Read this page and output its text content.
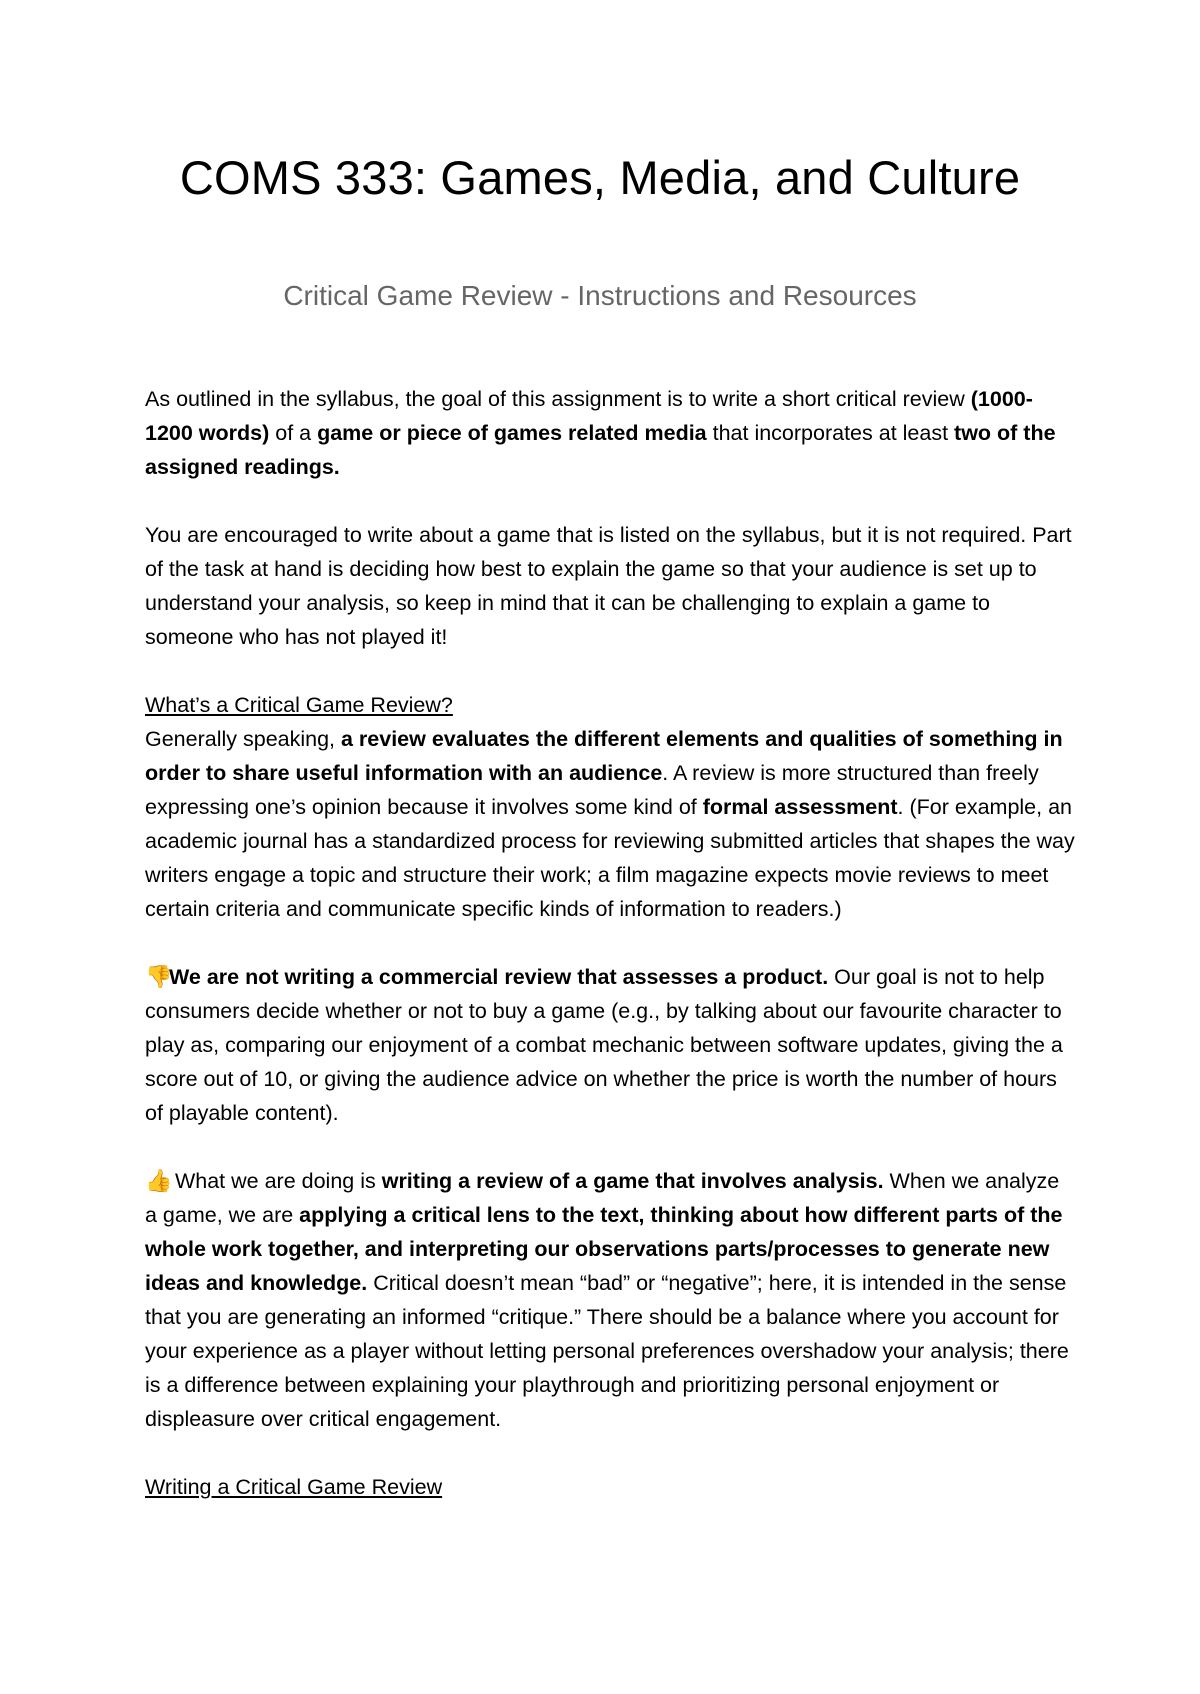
COMS 333: Games, Media, and Culture
Critical Game Review - Instructions and Resources

As outlined in the syllabus, the goal of this assignment is to write a short critical review (1000-1200 words) of a game or piece of games related media that incorporates at least two of the assigned readings.

You are encouraged to write about a game that is listed on the syllabus, but it is not required. Part of the task at hand is deciding how best to explain the game so that your audience is set up to understand your analysis, so keep in mind that it can be challenging to explain a game to someone who has not played it!

What’s a Critical Game Review?
Generally speaking, a review evaluates the different elements and qualities of something in order to share useful information with an audience. A review is more structured than freely expressing one’s opinion because it involves some kind of formal assessment. (For example, an academic journal has a standardized process for reviewing submitted articles that shapes the way writers engage a topic and structure their work; a film magazine expects movie reviews to meet certain criteria and communicate specific kinds of information to readers.)

👎We are not writing a commercial review that assesses a product. Our goal is not to help consumers decide whether or not to buy a game (e.g., by talking about our favourite character to play as, comparing our enjoyment of a combat mechanic between software updates, giving the a score out of 10, or giving the audience advice on whether the price is worth the number of hours of playable content).

👍 What we are doing is writing a review of a game that involves analysis. When we analyze a game, we are applying a critical lens to the text, thinking about how different parts of the whole work together, and interpreting our observations parts/processes to generate new ideas and knowledge. Critical doesn’t mean “bad” or “negative”; here, it is intended in the sense that you are generating an informed “critique.” There should be a balance where you account for your experience as a player without letting personal preferences overshadow your analysis; there is a difference between explaining your playthrough and prioritizing personal enjoyment or displeasure over critical engagement.

Writing a Critical Game Review
